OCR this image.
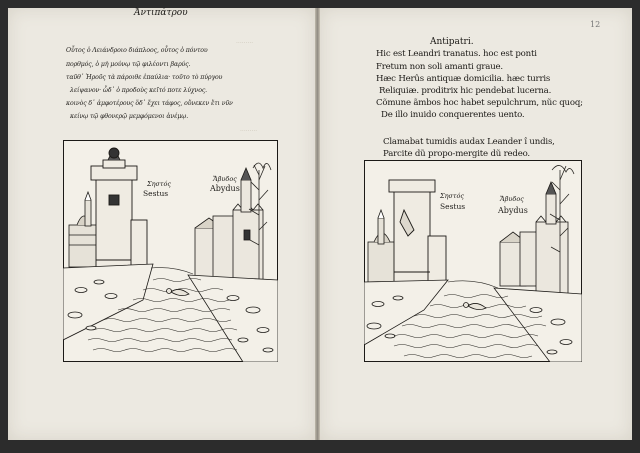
·········
·········
Ἀντιπάτρου
Οὗτος ὁ Λειάνδροιο διάπλοος, οὗτος ὁ πόντου
πορθμός, ὁ μὴ μούνῳ τῷ φιλέοντι βαρύς.
ταῦθ᾽ Ἡροῦς τὰ πάροιθε ἐπαύλια· τοῦτο τὸ πύργου
λείψανον· ὧδ᾽ ὁ προδοὺς κεῖτό ποτε λύχνος.
κοινὸς δ᾽ ἀμφοτέρους ὅδ᾽ ἔχει τάφος, οὕνεκεν ἔτι νῦν
κείνῳ τῷ φθονερῷ μεμφόμενοι ἀνέμῳ.
Σηστός
Sestus
Ἄβυδος
Abydus
Antipatri.
Hic est Leandri tranatus. hoc est ponti
Fretum non soli amanti graue.
Hæc Herûs antiquæ domicilia. hæc turris
Reliquiæ. proditrix hic pendebat lucerna.
Cõmune ãmbos hoc habet sepulchrum, nũc quoq;
De illo inuido conquerentes uento.
Clamabat tumidis audax Leander î undis,
Parcite dũ propo-mergite dũ redeo.
12
Σηστός
Sestus
Ἄβυδος
Abydus
